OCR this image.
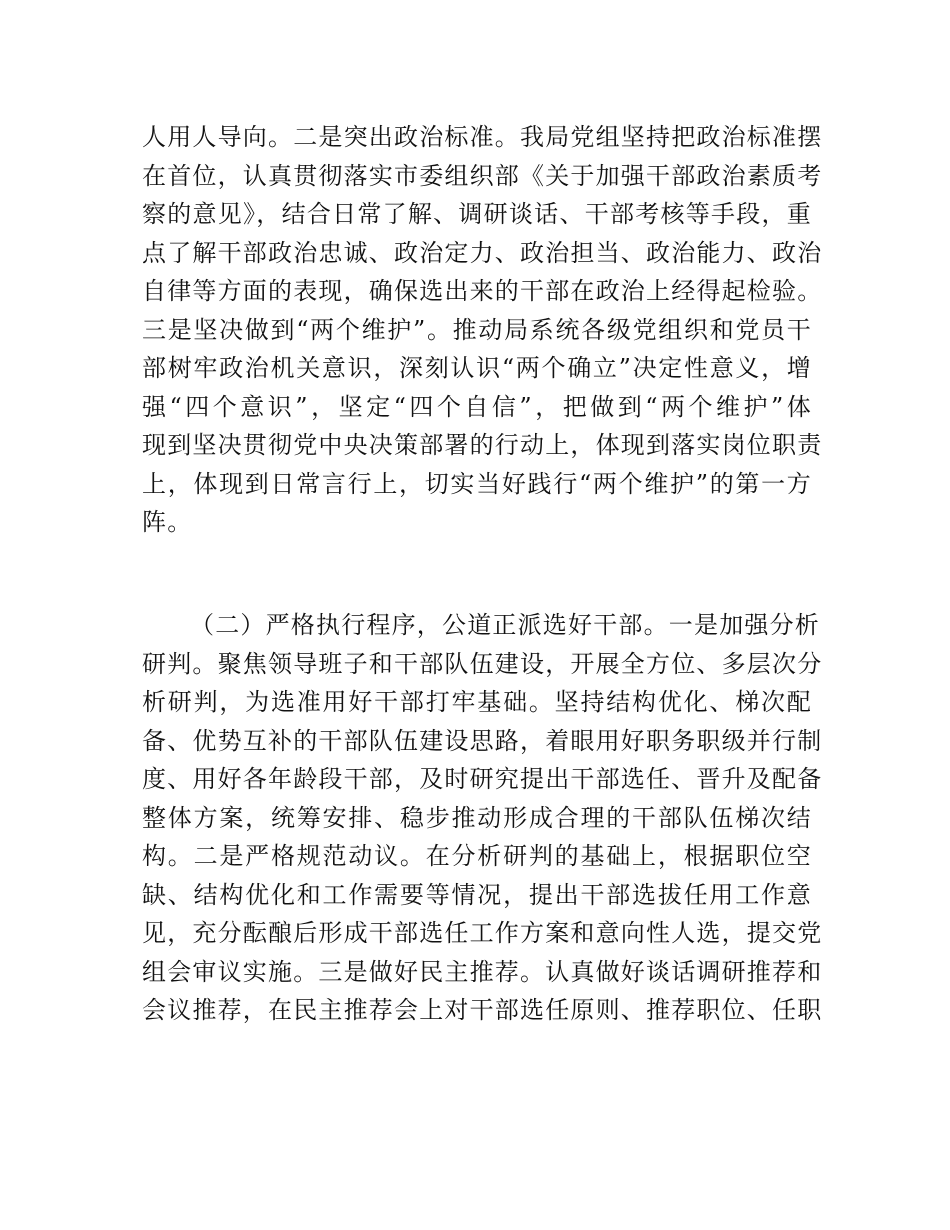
人用人导向。二是突出政治标准。我局党组坚持把政治标准摆
在首位，认真贯彻落实市委组织部《关于加强干部政治素质考
察的意见》，结合日常了解、调研谈话、干部考核等手段，重
点了解干部政治忠诚、政治定力、政治担当、政治能力、政治
自律等方面的表现，确保选出来的干部在政治上经得起检验。
三是坚决做到“两个维护”。推动局系统各级党组织和党员干
部树牢政治机关意识，深刻认识“两个确立”决定性意义，增
强“四个意识”，坚定“四个自信”，把做到“两个维护”体
现到坚决贯彻党中央决策部署的行动上，体现到落实岗位职责
上，体现到日常言行上，切实当好践行“两个维护”的第一方
阵。
（二）严格执行程序，公道正派选好干部。一是加强分析
研判。聚焦领导班子和干部队伍建设，开展全方位、多层次分
析研判，为选准用好干部打牢基础。坚持结构优化、梯次配
备、优势互补的干部队伍建设思路，着眼用好职务职级并行制
度、用好各年龄段干部，及时研究提出干部选任、晋升及配备
整体方案，统筹安排、稳步推动形成合理的干部队伍梯次结
构。二是严格规范动议。在分析研判的基础上，根据职位空
缺、结构优化和工作需要等情况，提出干部选拔任用工作意
见，充分酝酿后形成干部选任工作方案和意向性人选，提交党
组会审议实施。三是做好民主推荐。认真做好谈话调研推荐和
会议推荐，在民主推荐会上对干部选任原则、推荐职位、任职
